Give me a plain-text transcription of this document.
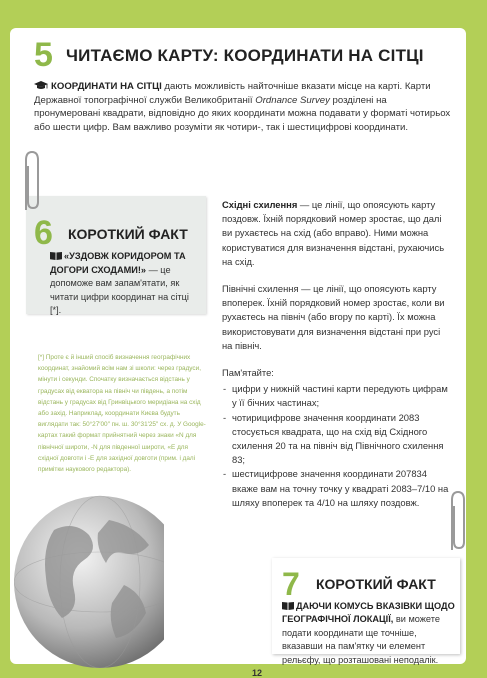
5 ЧИТАЄМО КАРТУ: КООРДИНАТИ НА СІТЦІ
КООРДИНАТИ НА СІТЦІ дають можливість найточніше вказати місце на карті. Карти Державної топографічної служби Великобританії Ordnance Survey розділені на пронумеровані квадрати, відповідно до яких координати можна подавати у форматі чотирьох або шести цифр. Вам важливо розуміти як чотири-, так і шестицифрові координати.
6 КОРОТКИЙ ФАКТ
«УЗДОВЖ КОРИДОРОМ ТА ДОГОРИ СХОДАМИ!» — це допоможе вам запам'ятати, як читати цифри координат на сітці [*].
[*] Проте є й інший спосіб визначення географічних координат, знайомий всім нам зі школи: через градуси, мінути і секунди. Спочатку визначається відстань у градусах від екватора на північ чи південь, а потім відстань у градусах від Гринвіцького меридіана на схід або захід. Наприклад, координати Києва будуть виглядати так: 50°27′00″ пн. ш. 30°31′25″ сх. д. У Google-картах такий формат прийнятний через знаки «N для північної широти, -N для південної широти, «E для східної довготи і -E для західної довготи (прим. і далі примітки наукового редактора).

Східні схилення — це лінії, що опоясують карту поздовж. Їхній порядковий номер зростає, що далі ви рухаєтесь на схід (або вправо). Ними можна користуватися для визначення відстані, рухаючись на схід.

Північні схилення — це лінії, що опоясують карту впоперек. Їхній порядковий номер зростає, коли ви рухаєтесь на північ (або вгору по карті). Їх можна використовувати для визначення відстані при русі на північ.

Пам'ятайте:

- цифри у нижній частині карти передують цифрам у її бічних частинах;
- чотирицифрове значення координати 2083 стосується квадрата, що на схід від Східного схилення 20 та на північ від Північного схилення 83;
- шестицифрове значення координати 207834 вкаже вам на точну точку у квадраті 2083–7/10 на шляху впоперек та 4/10 на шляху поздовж.
7 КОРОТКИЙ ФАКТ
ДАЮЧИ КОМУСЬ ВКАЗІВКИ ЩОДО ГЕОГРАФІЧНОЇ ЛОКАЦІЇ, ви можете подати координати ще точніше, вказавши на пам'ятку чи елемент рельєфу, що розташовані неподалік.
12
